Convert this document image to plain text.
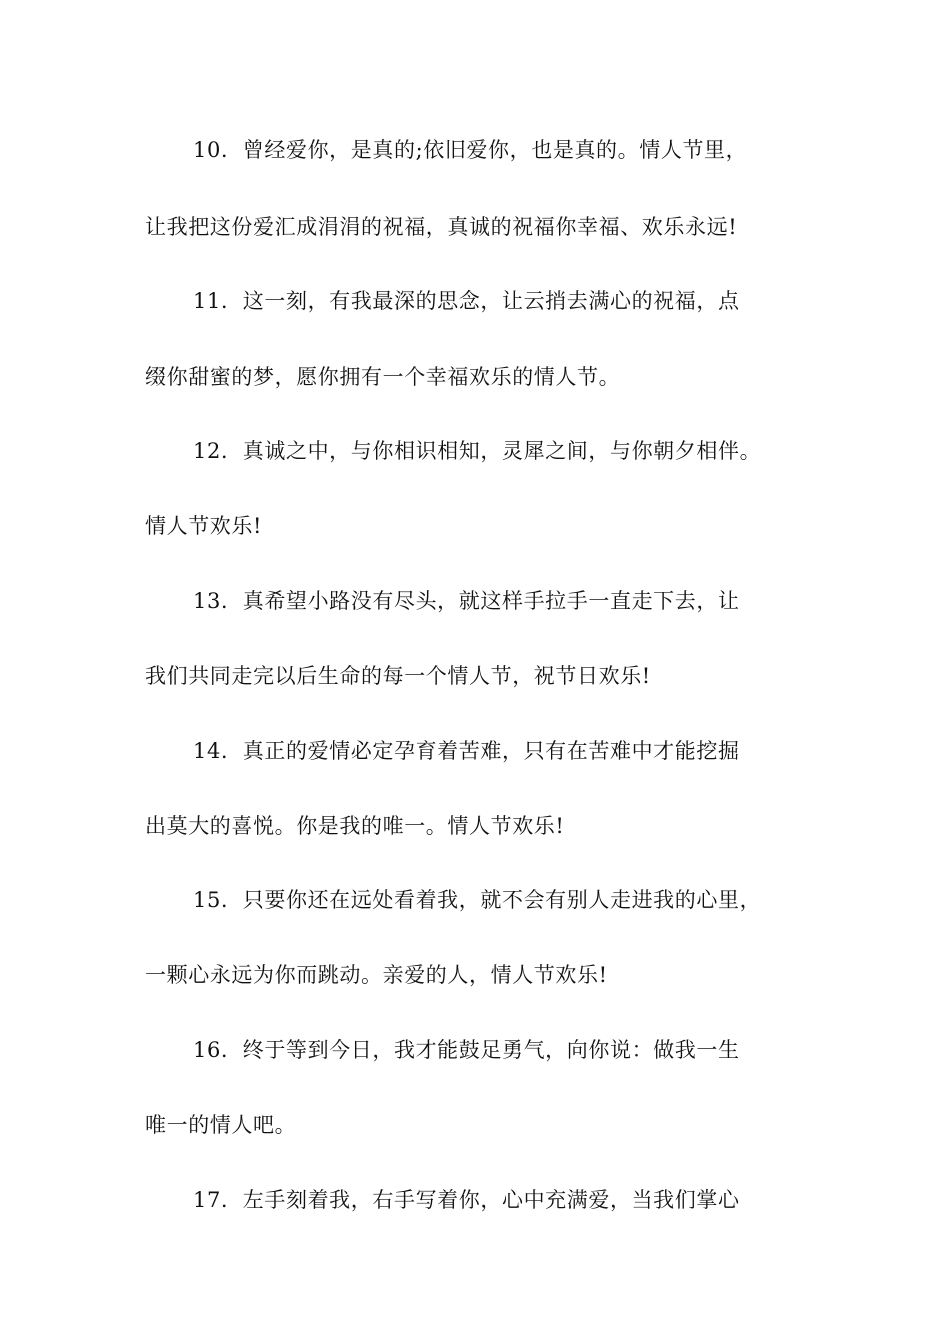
10. 曾经爱你，是真的;依旧爱你，也是真的。情人节里，
让我把这份爱汇成涓涓的祝福，真诚的祝福你幸福、欢乐永远!
11. 这一刻，有我最深的思念，让云捎去满心的祝福，点
缀你甜蜜的梦，愿你拥有一个幸福欢乐的情人节。
12. 真诚之中，与你相识相知，灵犀之间，与你朝夕相伴。
情人节欢乐!
13. 真希望小路没有尽头，就这样手拉手一直走下去，让
我们共同走完以后生命的每一个情人节，祝节日欢乐!
14. 真正的爱情必定孕育着苦难，只有在苦难中才能挖掘
出莫大的喜悦。你是我的唯一。情人节欢乐!
15. 只要你还在远处看着我，就不会有别人走进我的心里，
一颗心永远为你而跳动。亲爱的人，情人节欢乐!
16. 终于等到今日，我才能鼓足勇气，向你说：做我一生
唯一的情人吧。
17. 左手刻着我，右手写着你，心中充满爱，当我们掌心
